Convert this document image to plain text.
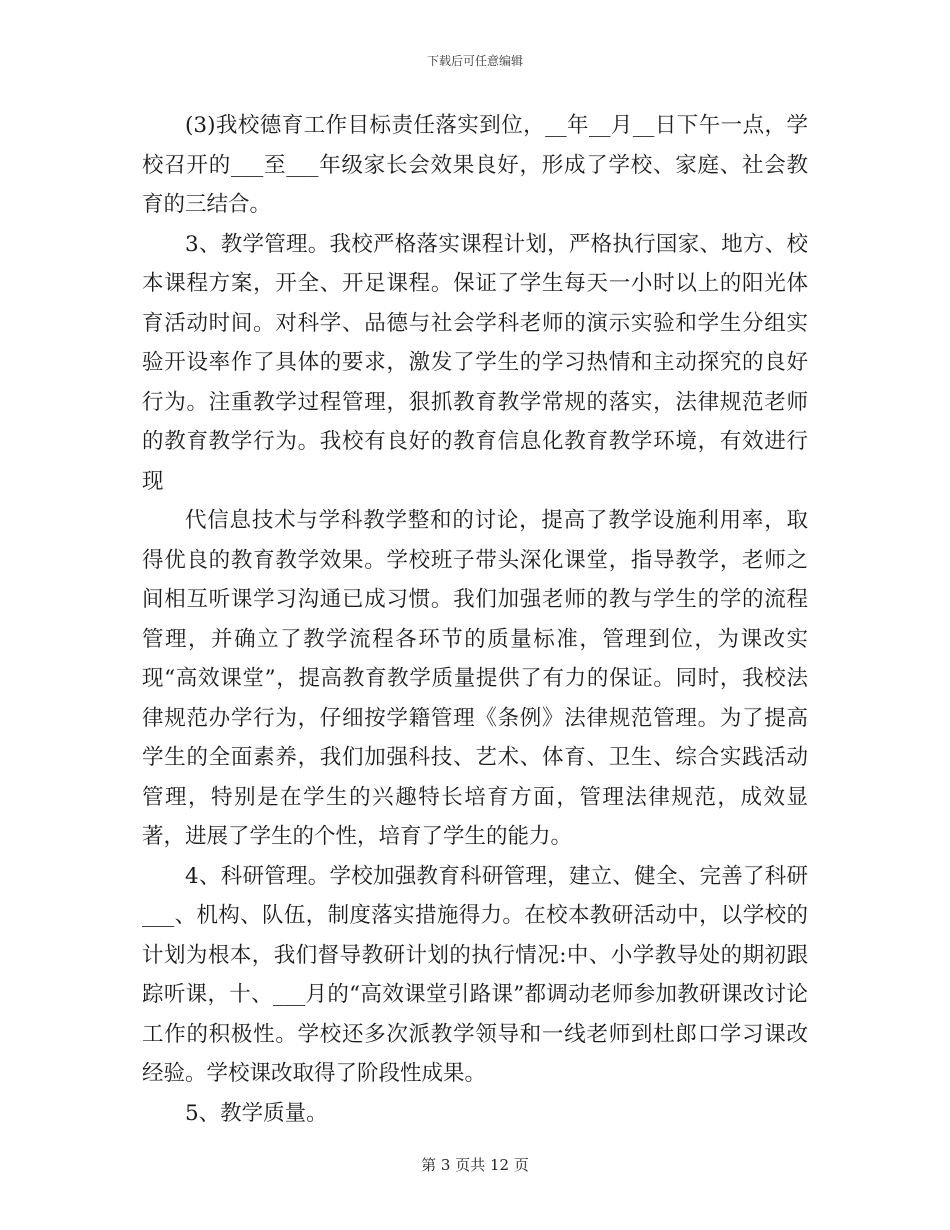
下载后可任意编辑

(3)我校德育工作目标责任落实到位，__年__月__日下午一点，学校召开的___至___年级家长会效果良好，形成了学校、家庭、社会教育的三结合。

3、教学管理。我校严格落实课程计划，严格执行国家、地方、校本课程方案，开全、开足课程。保证了学生每天一小时以上的阳光体育活动时间。对科学、品德与社会学科老师的演示实验和学生分组实验开设率作了具体的要求，激发了学生的学习热情和主动探究的良好行为。注重教学过程管理，狠抓教育教学常规的落实，法律规范老师的教育教学行为。我校有良好的教育信息化教育教学环境，有效进行现

代信息技术与学科教学整和的讨论，提高了教学设施利用率，取得优良的教育教学效果。学校班子带头深化课堂，指导教学，老师之间相互听课学习沟通已成习惯。我们加强老师的教与学生的学的流程管理，并确立了教学流程各环节的质量标准，管理到位，为课改实现“高效课堂”，提高教育教学质量提供了有力的保证。同时，我校法律规范办学行为，仔细按学籍管理《条例》法律规范管理。为了提高学生的全面素养，我们加强科技、艺术、体育、卫生、综合实践活动管理，特别是在学生的兴趣特长培育方面，管理法律规范，成效显著，进展了学生的个性，培育了学生的能力。

4、科研管理。学校加强教育科研管理，建立、健全、完善了科研___、机构、队伍，制度落实措施得力。在校本教研活动中，以学校的计划为根本，我们督导教研计划的执行情况:中、小学教导处的期初跟踪听课，十、___月的“高效课堂引路课”都调动老师参加教研课改讨论工作的积极性。学校还多次派教学领导和一线老师到杜郎口学习课改经验。学校课改取得了阶段性成果。

5、教学质量。

第 3 页共 12 页
